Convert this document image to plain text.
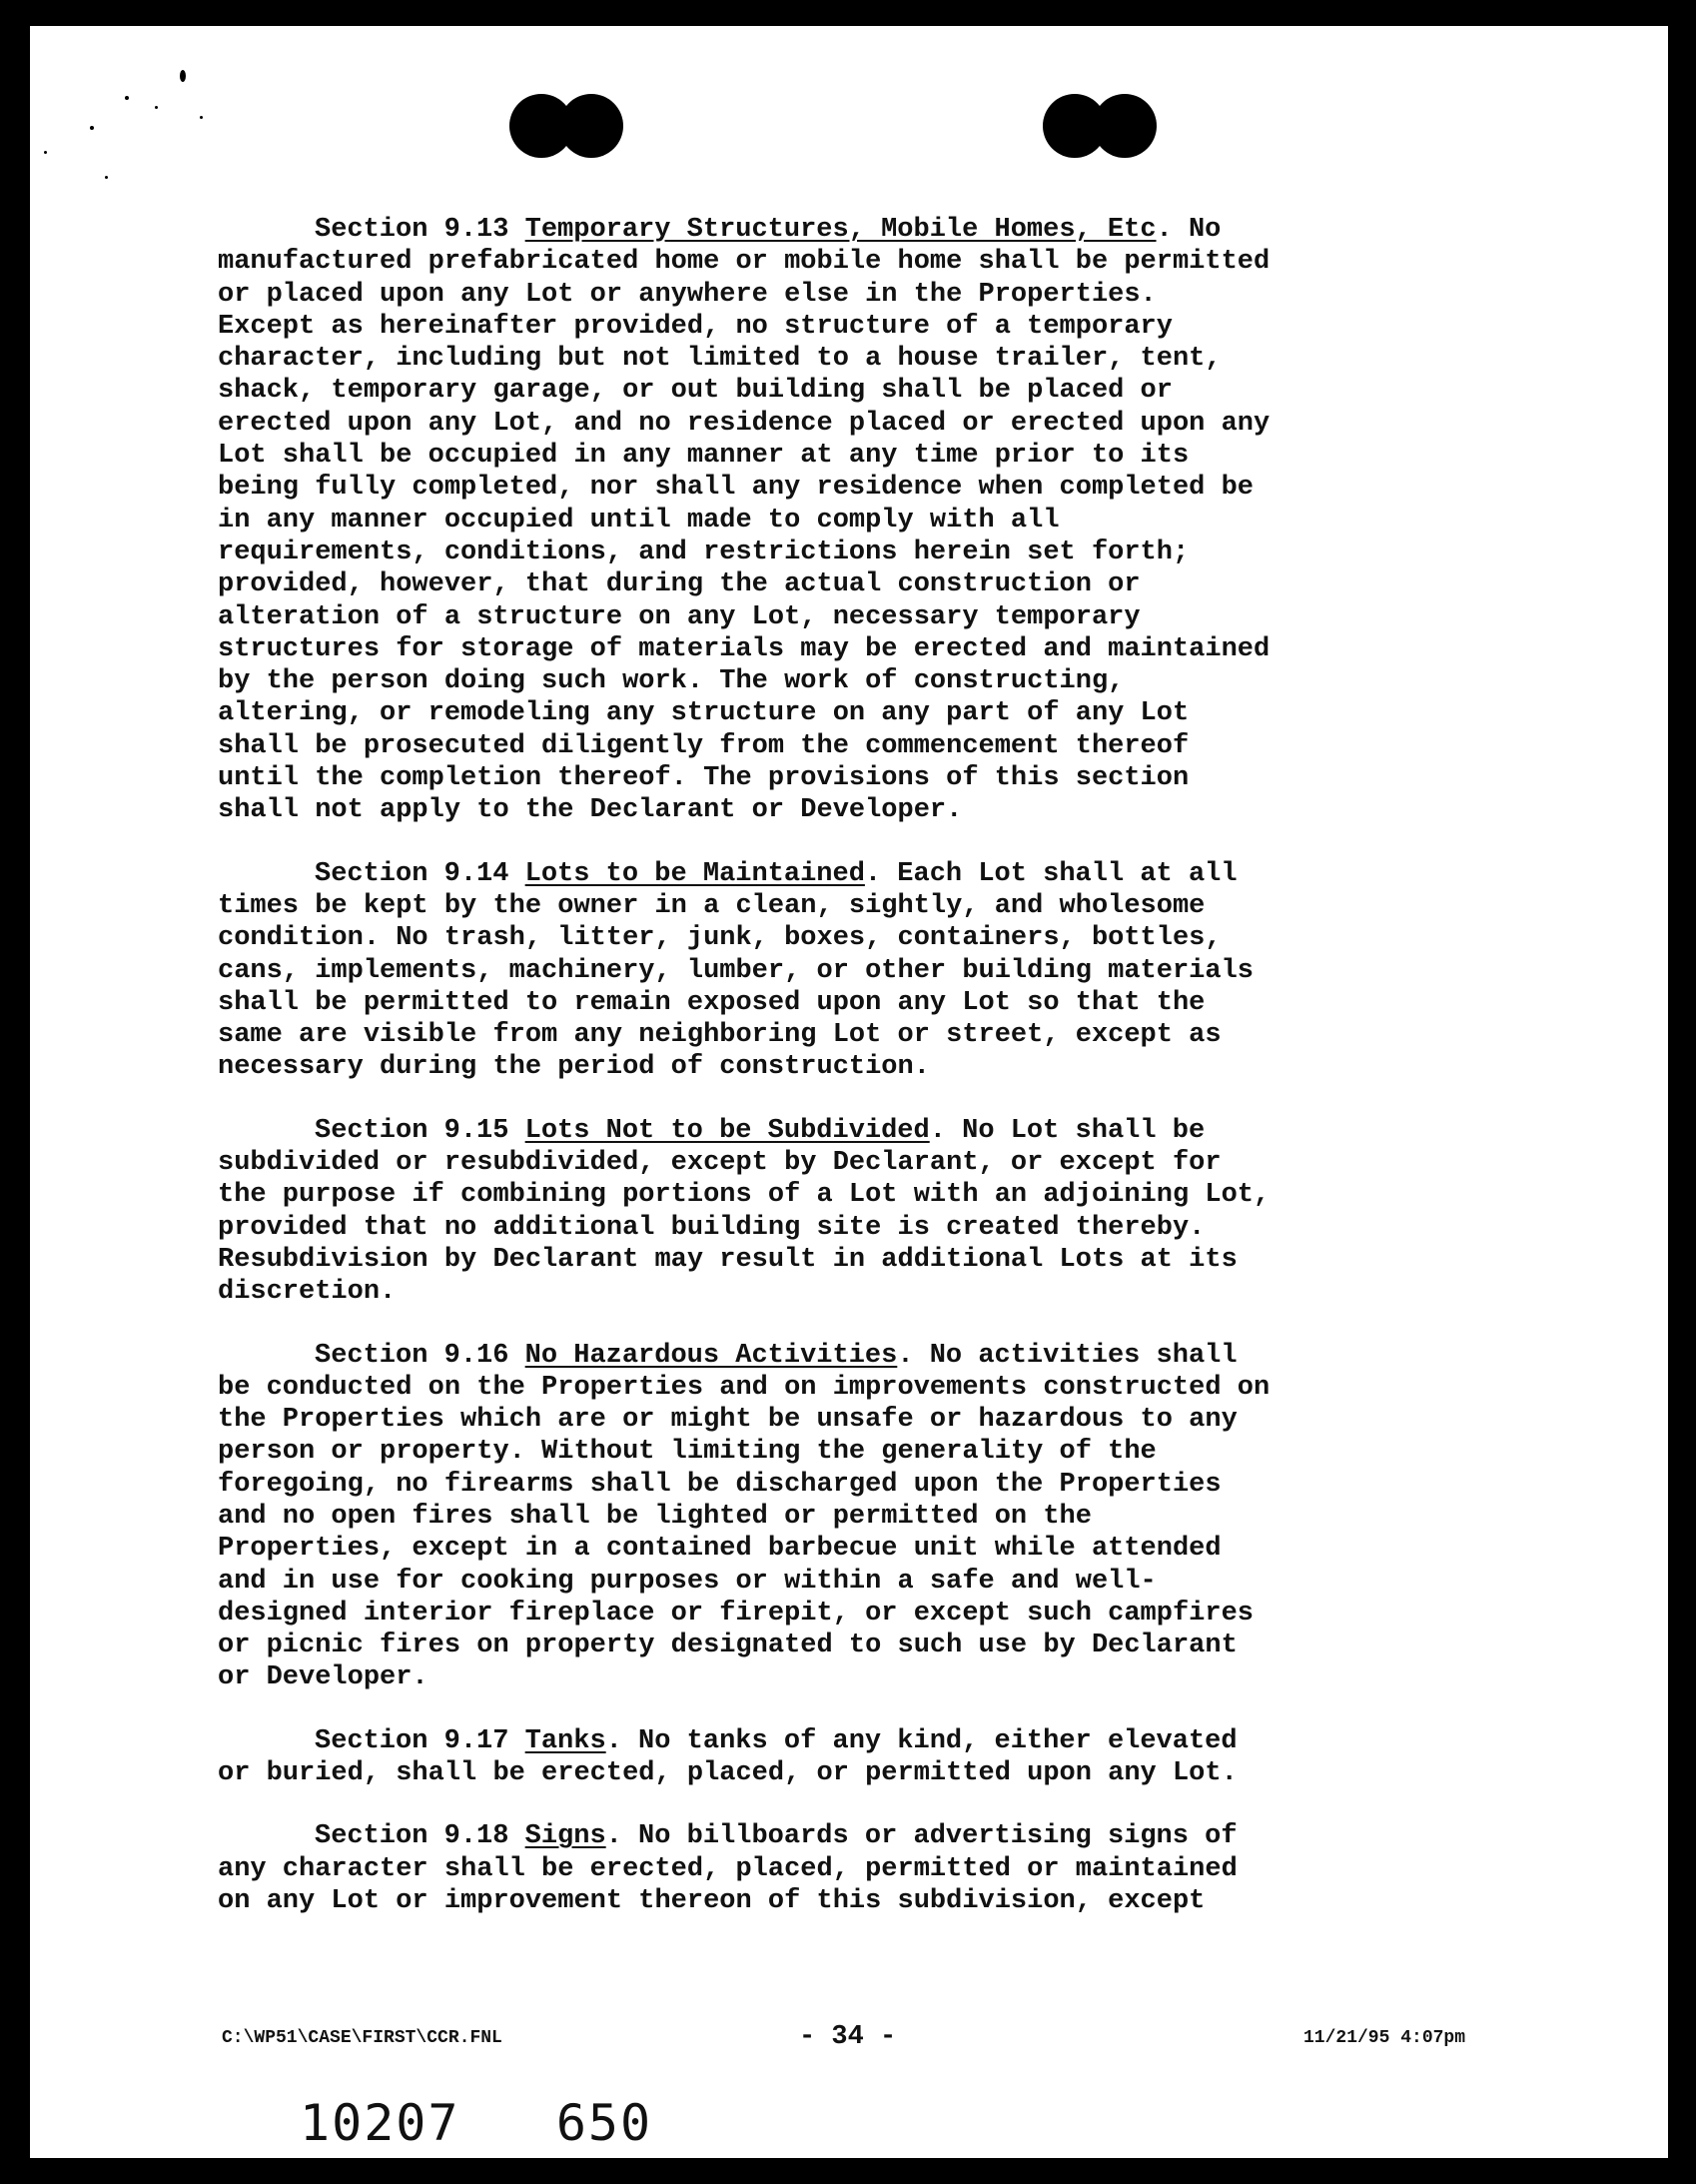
Section 9.13 Temporary Structures, Mobile Homes, Etc. No
manufactured prefabricated home or mobile home shall be permitted
or placed upon any Lot or anywhere else in the Properties.
Except as hereinafter provided, no structure of a temporary
character, including but not limited to a house trailer, tent,
shack, temporary garage, or out building shall be placed or
erected upon any Lot, and no residence placed or erected upon any
Lot shall be occupied in any manner at any time prior to its
being fully completed, nor shall any residence when completed be
in any manner occupied until made to comply with all
requirements, conditions, and restrictions herein set forth;
provided, however, that during the actual construction or
alteration of a structure on any Lot, necessary temporary
structures for storage of materials may be erected and maintained
by the person doing such work. The work of constructing,
altering, or remodeling any structure on any part of any Lot
shall be prosecuted diligently from the commencement thereof
until the completion thereof. The provisions of this section
shall not apply to the Declarant or Developer.
Section 9.14 Lots to be Maintained. Each Lot shall at all
times be kept by the owner in a clean, sightly, and wholesome
condition. No trash, litter, junk, boxes, containers, bottles,
cans, implements, machinery, lumber, or other building materials
shall be permitted to remain exposed upon any Lot so that the
same are visible from any neighboring Lot or street, except as
necessary during the period of construction.
Section 9.15 Lots Not to be Subdivided. No Lot shall be
subdivided or resubdivided, except by Declarant, or except for
the purpose if combining portions of a Lot with an adjoining Lot,
provided that no additional building site is created thereby.
Resubdivision by Declarant may result in additional Lots at its
discretion.
Section 9.16 No Hazardous Activities. No activities shall
be conducted on the Properties and on improvements constructed on
the Properties which are or might be unsafe or hazardous to any
person or property. Without limiting the generality of the
foregoing, no firearms shall be discharged upon the Properties
and no open fires shall be lighted or permitted on the
Properties, except in a contained barbecue unit while attended
and in use for cooking purposes or within a safe and well-
designed interior fireplace or firepit, or except such campfires
or picnic fires on property designated to such use by Declarant
or Developer.
Section 9.17 Tanks. No tanks of any kind, either elevated
or buried, shall be erected, placed, or permitted upon any Lot.
Section 9.18 Signs. No billboards or advertising signs of
any character shall be erected, placed, permitted or maintained
on any Lot or improvement thereon of this subdivision, except
C:\WP51\CASE\FIRST\CCR.FNL	- 34 -	11/21/95 4:07pm
10207   650
